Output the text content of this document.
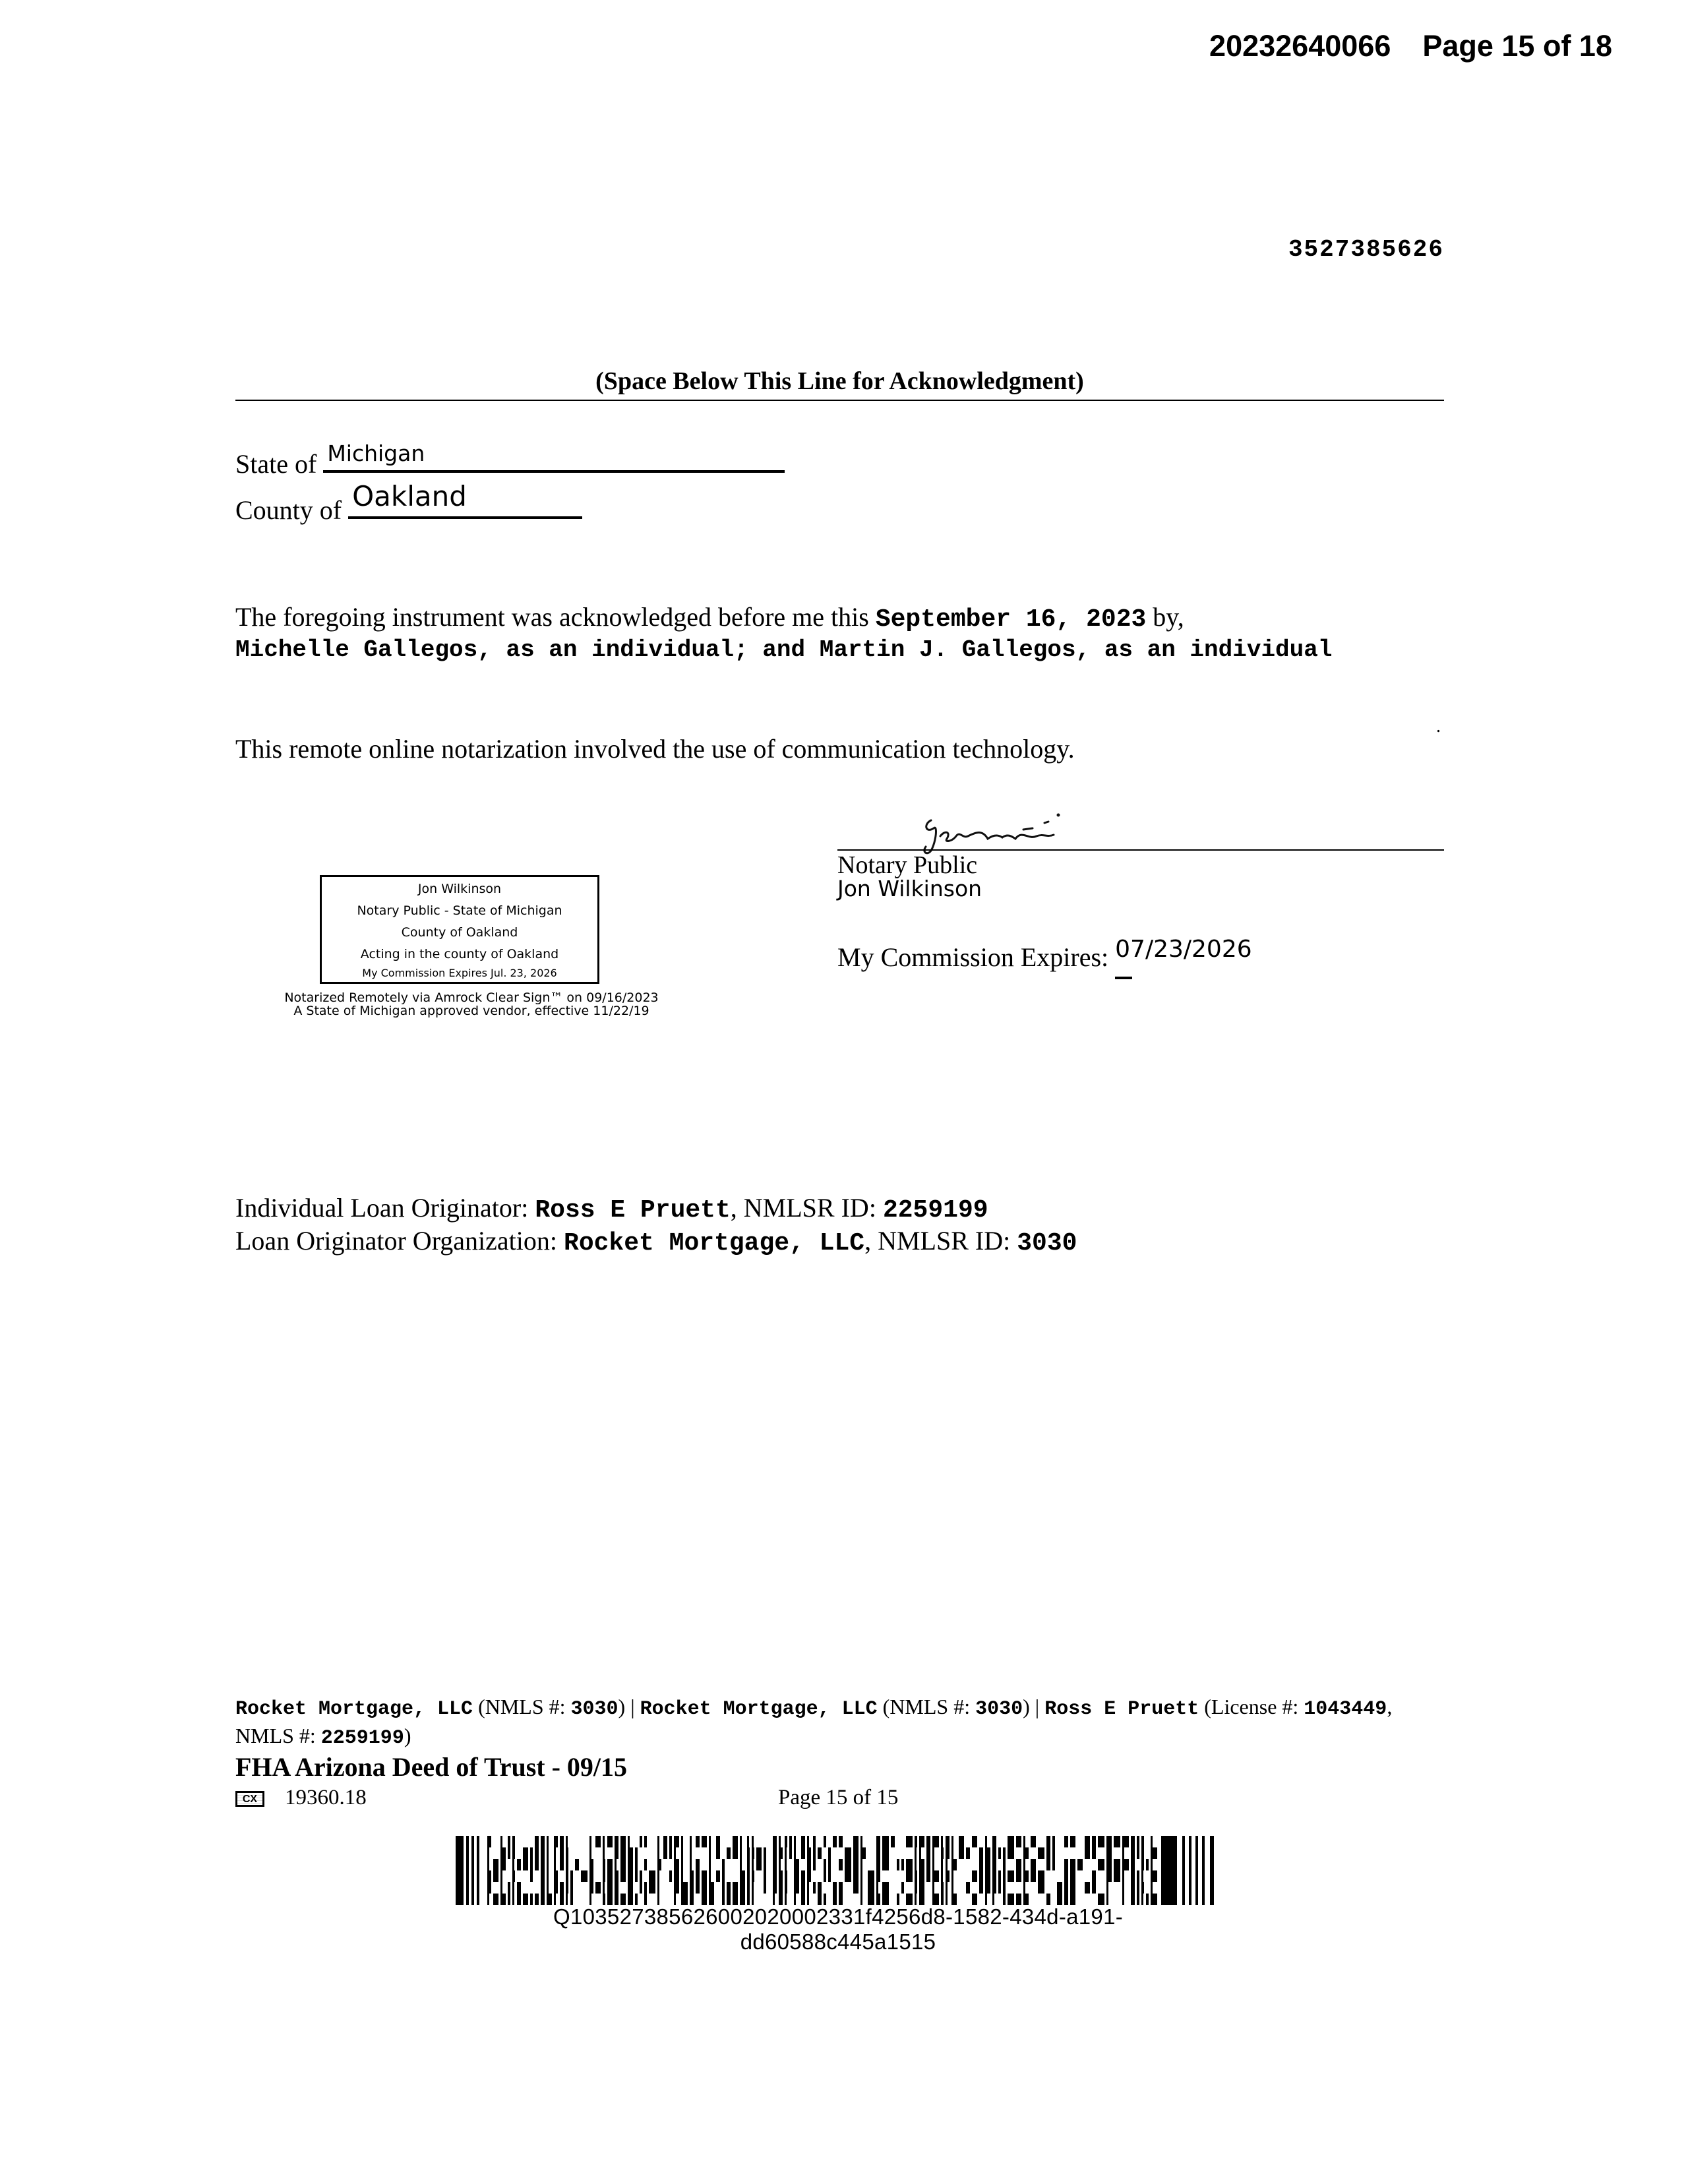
20232640066 Page 15 of 18
3527385626
(Space Below This Line for Acknowledgment)
State of Michigan
County of Oakland
The foregoing instrument was acknowledged before me this September 16, 2023 by,
Michelle Gallegos, as an individual; and Martin J. Gallegos, as an individual
.
This remote online notarization involved the use of communication technology.
Notary Public
Jon Wilkinson
My Commission Expires: 07/23/2026
Jon Wilkinson
Notary Public - State of Michigan
County of Oakland
Acting in the county of Oakland
My Commission Expires Jul. 23, 2026
Notarized Remotely via Amrock Clear Sign™ on 09/16/2023
A State of Michigan approved vendor, effective 11/22/19
Individual Loan Originator: Ross E Pruett, NMLSR ID: 2259199
Loan Originator Organization: Rocket Mortgage, LLC, NMLSR ID: 3030
Rocket Mortgage, LLC (NMLS #: 3030) | Rocket Mortgage, LLC (NMLS #: 3030) | Ross E Pruett (License #: 1043449, NMLS #: 2259199)
FHA Arizona Deed of Trust - 09/15
CX	19360.18	Page 15 of 15
Q103527385626002020002331f4256d8-1582-434d-a191-dd60588c445a1515
